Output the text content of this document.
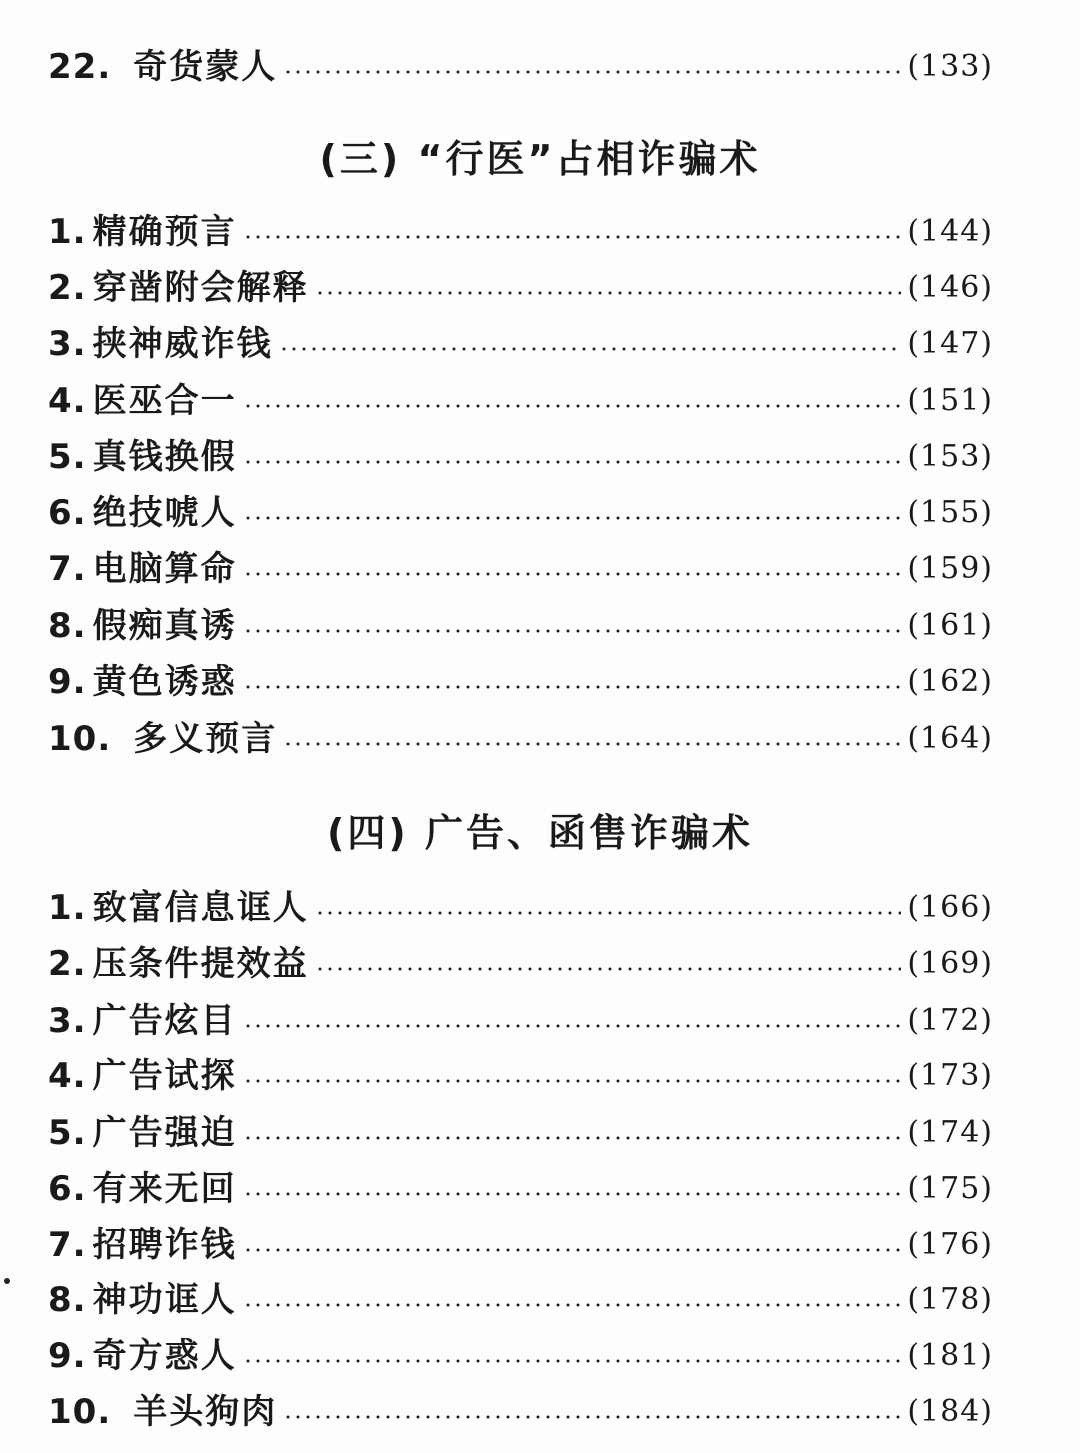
22. 奇货蒙人	(133)
(三) “行医”占相诈骗术
1. 精确预言	(144)
2. 穿凿附会解释	(146)
3. 挟神威诈钱	(147)
4. 医巫合一	(151)
5. 真钱换假	(153)
6. 绝技唬人	(155)
7. 电脑算命	(159)
8. 假痴真诱	(161)
9. 黄色诱惑	(162)
10. 多义预言	(164)
(四) 广告、函售诈骗术
1. 致富信息诓人	(166)
2. 压条件提效益	(169)
3. 广告炫目	(172)
4. 广告试探	(173)
5. 广告强迫	(174)
6. 有来无回	(175)
7. 招聘诈钱	(176)
8. 神功诓人	(178)
9. 奇方惑人	(181)
10. 羊头狗肉	(184)
